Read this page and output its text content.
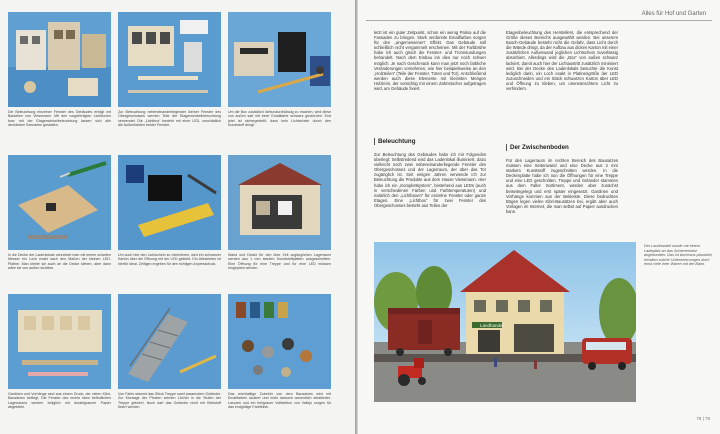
Die Beleuchtung einzelner Fenster des Gebäudes erfolgt mit Bauteilen von Viessmann. Mit den vorgefertigten Lichtboxen bzw. mit der Etagenwinkelbeleuchtung lassen sich alle denkbaren Szenarien gestalten.
Zur Beleuchtung nebeneinanderliegender kleiner Fenster des Obergeschosses werden Teile der Etagenwinkelbeleuchtung verwendet. Die „Lichtbox“ besteht mit einer LED, unschädlich die Außenkanten beider Fenster.
Um die Box zusätzlich lichtundurchlässig zu machen, wird diese von außen satt mit einer Emailfarbe schwarz gestrichen. Erst jetzt ist sichergestellt, dass kein Lichtschein durch den Kunststoff dringt.
In die Decke der Ladenlokale schneidet man mit einem scharfen Messer ein Loch exakt nach den Maßen der kleinen LED-Platine. Man klebte sie auch an die Decke kleben, aber dann wäre sie von außen sichtbar.
Um auch hier den Lichtschein zu minimieren, wird ein schwarzer Karton über die Öffnung mit der LED geklebt. Ein Alleskleber ist hierfür ideal. Zeitigen ergeben für den richtigen Anpressdruck.
Wand und Decke für den über Zeit zugänglichen Lagerraum werden aus 1 mm starken Kunststoffplatten ausgeschnitten. Eine Öffnung für eine Treppe und für eine LED müssen eingeplant werden.
Gardinen und Vorhänge sind aus einem Druck, der vielen Kibri-Bausätzen beiliegt. Die Fenster des rechts oben befindlichen Lagerraums werden lediglich mit durablgrauem Papier abgeklebt.
Von Faller stammt das Stück Treppe samt passendem Geländer. Zur Montage der Pfosten werden Löcher in die Stufen der Treppe gebohrt. Noch darf das Geländer nicht mit Klebstoff fixiert werden.
Das reichhaltige Zubehör von dem Bausatzes wird mit Emailfarben lackiert und wirkt dadurch wesentlich detailierter. Lasuren und ein hellgrauer Vollfarbton von Vallejo sorgen für das endgültige Farbfinish.
Alles für Hof und Garten
letzt ist ein guter Zeitpunkt, schon ein wenig Patina auf die Fassaden zu bringen. Stark verdünnte Emailfarben sorgen für den „angemessenen“ Effekt. Das Gebäude soll schließlich nicht vergammelt erscheinen. Mit der Farbbrühe habe ich auch gleich die Fenster- und Tronnsundungen behandelt. Nach dem Einbau ins dies nur noch schwer möglich. Je nach Geschmack kann man jetzt noch farbliche Veränderungen vornehmen, wie hier beispielsweise an den „Holzteilen“ (Teile der Fenster, Türen und Tor). Anschließend werden auch diese Elemente mit kleinsten Mengen Holzleim, der vorsichtig mit einem Zahnstocher aufgetragen wird, am Gebäude fixiert.
Beleuchtung
Zur Beleuchtung des Gebäudes habe ich mir Folgendes überlegt: Selbstredend wird das Ladenlokal illuminiert, dazu vielleicht noch zwei nebeneinanderliegende Fenster des Obergeschosses und der Lagerraum, der über das Tor zugänglich ist. Seit einigen Jahren verwende ich zur Beleuchtung die Produkte aus dem Hause Viessmann. Hier habe ich ein „Komplettsystem“, bestehend aus LEDs (auch in verschiedenen Farben und Farbtemperaturen) und natürlich den „Lichtboxen“ für einzelne Fenster oder ganze Etagen. Eine „Lichtbox“ für zwei Fenster des Obergeschosses besteht aus Teilen der
Etagenbeleuchtung des Herstellers, die entsprechend der Größe dieses Bereichs ausgewählt werden. Bei unserem Busch-Gebäude besteht nicht die Gefahr, dass Licht durch die Wände dringt, da der Aufbau aus dicken Karton mit einer zusätzlichen Außenwand jeglichen Lichtschein zuverlässig absorbiert. Allerdings wird die „Box“ von außen schwarz lackiert, damit auch hier der Lichtaustritt zusätzlich minimiert wird. Bei der Decke des Ladenlokals besuchte die Kunst lediglich darin, ein Loch exakt in Platinengröße der LED zuzuschneiden und ein Stück schwarzen Karton über LED und Öffnung zu kleben, um unerwünschtem Licht zu verhindern.
Der Zwischenboden
Für den Lagerraum im rechten Bereich des Bausatzes müssen eine Seitenwand und eine Decke aus 2 mm starkem Kunststoff zugeschnitten werden. In die Deckenplatte habe ich nun die Öffnungen für eine Treppe und eine LED geschnitten. Treppe und Geländer stammen aus dem Faller Sortiment, werden aber zunächst beiseitegelegt und erst später eingesetzt. Gardinen und Vorhänge kommen aus der Bekleiste. Diese bedruckten Bögen legen vielen Kibri-Bausätzen bei, ergibt aber auch Vorlagen im Internet, die man selbst auf Papier ausdrucken kann.
Landhandel
Der Landhandel wurde mit einem Ladeplatz an das Schienennetz angebunden. Das ist durchaus plausibel, erhalten solche Unternehmungen doch einst viele ihrer Waren mit der Bahn.
78 | 79
